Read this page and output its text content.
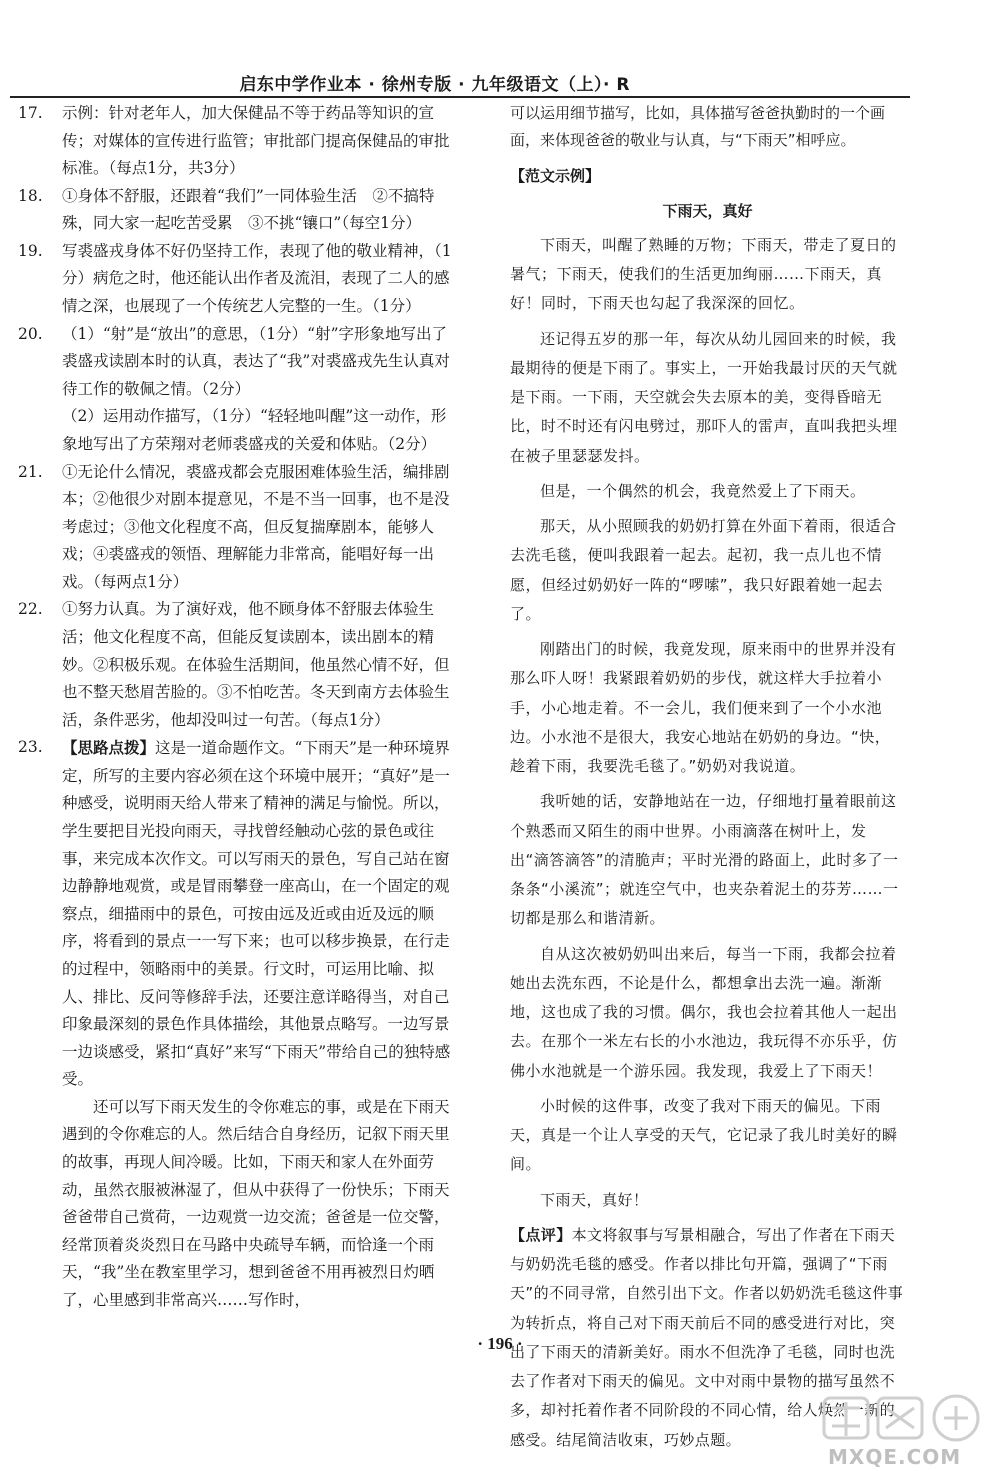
启东中学作业本 · 徐州专版 · 九年级语文（上）· R
17.	示例：针对老年人，加大保健品不等于药品等知识的宣传；对媒体的宣传进行监管；审批部门提高保健品的审批标准。（每点1分，共3分）

18.	①身体不舒服，还跟着“我们”一同体验生活　②不搞特殊，同大家一起吃苦受累　③不挑“镶口”（每空1分）

19.	写裘盛戎身体不好仍坚持工作，表现了他的敬业精神，（1分）病危之时，他还能认出作者及流泪，表现了二人的感情之深，也展现了一个传统艺人完整的一生。（1分）

20.	（1）“射”是“放出”的意思，（1分）“射”字形象地写出了裘盛戎读剧本时的认真，表达了“我”对裘盛戎先生认真对待工作的敬佩之情。（2分）

（2）运用动作描写，（1分）“轻轻地叫醒”这一动作，形象地写出了方荣翔对老师裘盛戎的关爱和体贴。（2分）

21.	①无论什么情况，裘盛戎都会克服困难体验生活，编排剧本；②他很少对剧本提意见，不是不当一回事，也不是没考虑过；③他文化程度不高，但反复揣摩剧本，能够人戏；④裘盛戎的领悟、理解能力非常高，能唱好每一出戏。（每两点1分）

22.	①努力认真。为了演好戏，他不顾身体不舒服去体验生活；他文化程度不高，但能反复读剧本，读出剧本的精妙。②积极乐观。在体验生活期间，他虽然心情不好，但也不整天愁眉苦脸的。③不怕吃苦。冬天到南方去体验生活，条件恶劣，他却没叫过一句苦。（每点1分）

23.	【思路点拨】这是一道命题作文。“下雨天”是一种环境界定，所写的主要内容必须在这个环境中展开；“真好”是一种感受，说明雨天给人带来了精神的满足与愉悦。所以，学生要把目光投向雨天，寻找曾经触动心弦的景色或往事，来完成本次作文。可以写雨天的景色，写自己站在窗边静静地观赏，或是冒雨攀登一座高山，在一个固定的观察点，细描雨中的景色，可按由远及近或由近及远的顺序，将看到的景点一一写下来；也可以移步换景，在行走的过程中，领略雨中的美景。行文时，可运用比喻、拟人、排比、反问等修辞手法，还要注意详略得当，对自己印象最深刻的景色作具体描绘，其他景点略写。一边写景一边谈感受，紧扣“真好”来写“下雨天”带给自己的独特感受。

还可以写下雨天发生的令你难忘的事，或是在下雨天遇到的令你难忘的人。然后结合自身经历，记叙下雨天里的故事，再现人间冷暖。比如，下雨天和家人在外面劳动，虽然衣服被淋湿了，但从中获得了一份快乐；下雨天爸爸带自己赏荷，一边观赏一边交流；爸爸是一位交警，经常顶着炎炎烈日在马路中央疏导车辆，而恰逢一个雨天，“我”坐在教室里学习，想到爸爸不用再被烈日灼晒了，心里感到非常高兴……写作时，

可以运用细节描写，比如，具体描写爸爸执勤时的一个画面，来体现爸爸的敬业与认真，与“下雨天”相呼应。

【范文示例】
下雨天，真好

下雨天，叫醒了熟睡的万物；下雨天，带走了夏日的暑气；下雨天，使我们的生活更加绚丽……下雨天，真好！同时，下雨天也勾起了我深深的回忆。

还记得五岁的那一年，每次从幼儿园回来的时候，我最期待的便是下雨了。事实上，一开始我最讨厌的天气就是下雨。一下雨，天空就会失去原本的美，变得昏暗无比，时不时还有闪电劈过，那吓人的雷声，直叫我把头埋在被子里瑟瑟发抖。

但是，一个偶然的机会，我竟然爱上了下雨天。

那天，从小照顾我的奶奶打算在外面下着雨，很适合去洗毛毯，便叫我跟着一起去。起初，我一点儿也不情愿，但经过奶奶好一阵的“啰嗦”，我只好跟着她一起去了。

刚踏出门的时候，我竟发现，原来雨中的世界并没有那么吓人呀！我紧跟着奶奶的步伐，就这样大手拉着小手，小心地走着。不一会儿，我们便来到了一个小水池边。小水池不是很大，我安心地站在奶奶的身边。“快，趁着下雨，我要洗毛毯了。”奶奶对我说道。

我听她的话，安静地站在一边，仔细地打量着眼前这个熟悉而又陌生的雨中世界。小雨滴落在树叶上，发出“滴答滴答”的清脆声；平时光滑的路面上，此时多了一条条“小溪流”；就连空气中，也夹杂着泥土的芬芳……一切都是那么和谐清新。

自从这次被奶奶叫出来后，每当一下雨，我都会拉着她出去洗东西，不论是什么，都想拿出去洗一遍。渐渐地，这也成了我的习惯。偶尔，我也会拉着其他人一起出去。在那个一米左右长的小水池边，我玩得不亦乐乎，仿佛小水池就是一个游乐园。我发现，我爱上了下雨天！

小时候的这件事，改变了我对下雨天的偏见。下雨天，真是一个让人享受的天气，它记录了我儿时美好的瞬间。

下雨天，真好！

【点评】本文将叙事与写景相融合，写出了作者在下雨天与奶奶洗毛毯的感受。作者以排比句开篇，强调了“下雨天”的不同寻常，自然引出下文。作者以奶奶洗毛毯这件事为转折点，将自己对下雨天前后不同的感受进行对比，突出了下雨天的清新美好。雨水不但洗净了毛毯，同时也洗去了作者对下雨天的偏见。文中对雨中景物的描写虽然不多，却衬托着作者不同阶段的不同心情，给人焕然一新的感受。结尾简洁收束，巧妙点题。
· 196 ·
MXQE.COM
